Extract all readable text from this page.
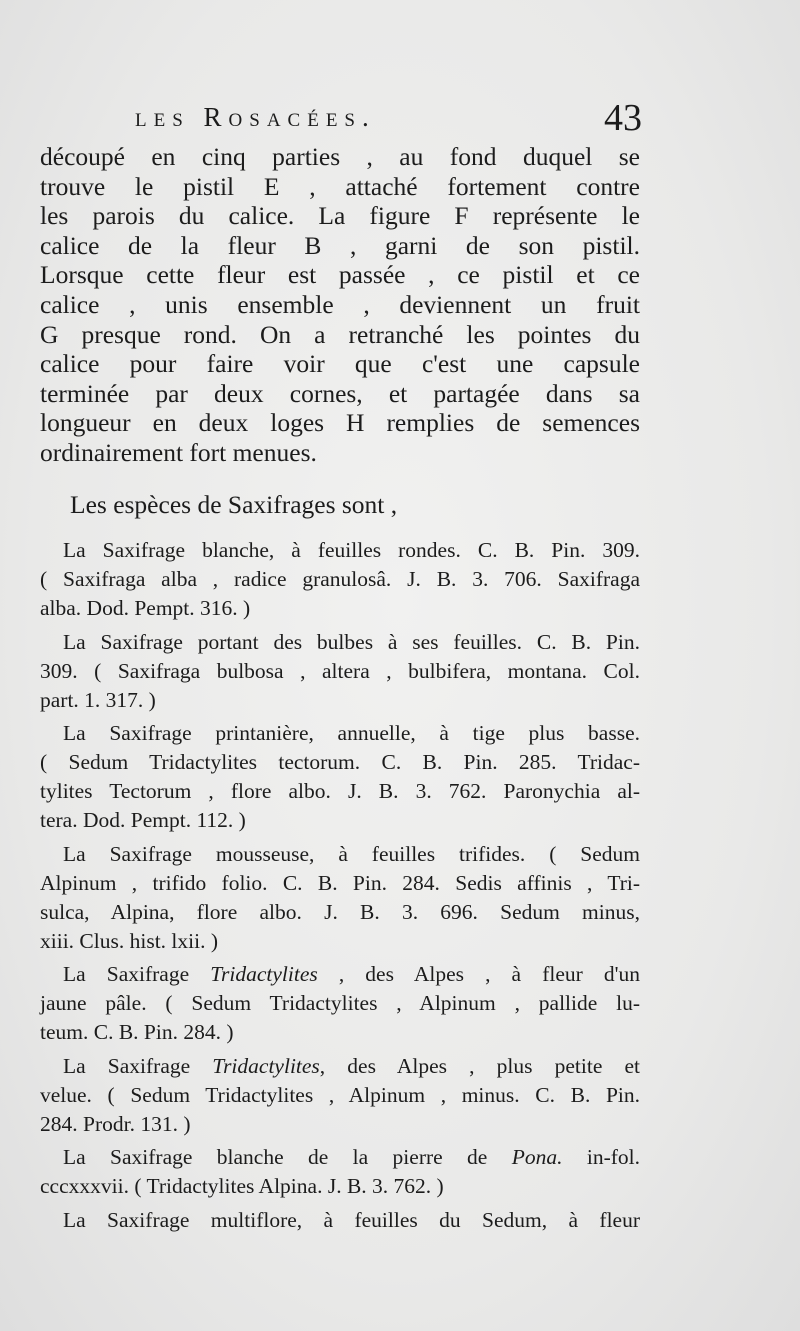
les Rosacées.	43
découpé en cinq parties , au fond duquel se
trouve le pistil E , attaché fortement contre
les parois du calice. La figure F représente le
calice de la fleur B , garni de son pistil.
Lorsque cette fleur est passée , ce pistil et ce
calice , unis ensemble , deviennent un fruit
G presque rond. On a retranché les pointes du
calice pour faire voir que c'est une capsule
terminée par deux cornes, et partagée dans sa
longueur en deux loges H remplies de semences
ordinairement fort menues.
Les espèces de Saxifrages sont ,
La Saxifrage blanche, à feuilles rondes. C. B. Pin. 309.
( Saxifraga alba , radice granulosâ. J. B. 3. 706. Saxifraga
alba. Dod. Pempt. 316. )
La Saxifrage portant des bulbes à ses feuilles. C. B. Pin.
309. ( Saxifraga bulbosa , altera , bulbifera, montana. Col.
part. 1. 317. )
La Saxifrage printanière, annuelle, à tige plus basse.
( Sedum Tridactylites tectorum. C. B. Pin. 285. Tridac-
tylites Tectorum , flore albo. J. B. 3. 762. Paronychia al-
tera. Dod. Pempt. 112. )
La Saxifrage mousseuse, à feuilles trifides. ( Sedum
Alpinum , trifido folio. C. B. Pin. 284. Sedis affinis , Tri-
sulca, Alpina, flore albo. J. B. 3. 696. Sedum minus,
xiii. Clus. hist. lxii. )
La Saxifrage Tridactylites , des Alpes , à fleur d'un
jaune pâle. ( Sedum Tridactylites , Alpinum , pallide lu-
teum. C. B. Pin. 284. )
La Saxifrage Tridactylites, des Alpes , plus petite et
velue. ( Sedum Tridactylites , Alpinum , minus. C. B. Pin.
284. Prodr. 131. )
La Saxifrage blanche de la pierre de Pona. in-fol.
cccxxxvii. ( Tridactylites Alpina. J. B. 3. 762. )
La Saxifrage multiflore, à feuilles du Sedum, à fleur
